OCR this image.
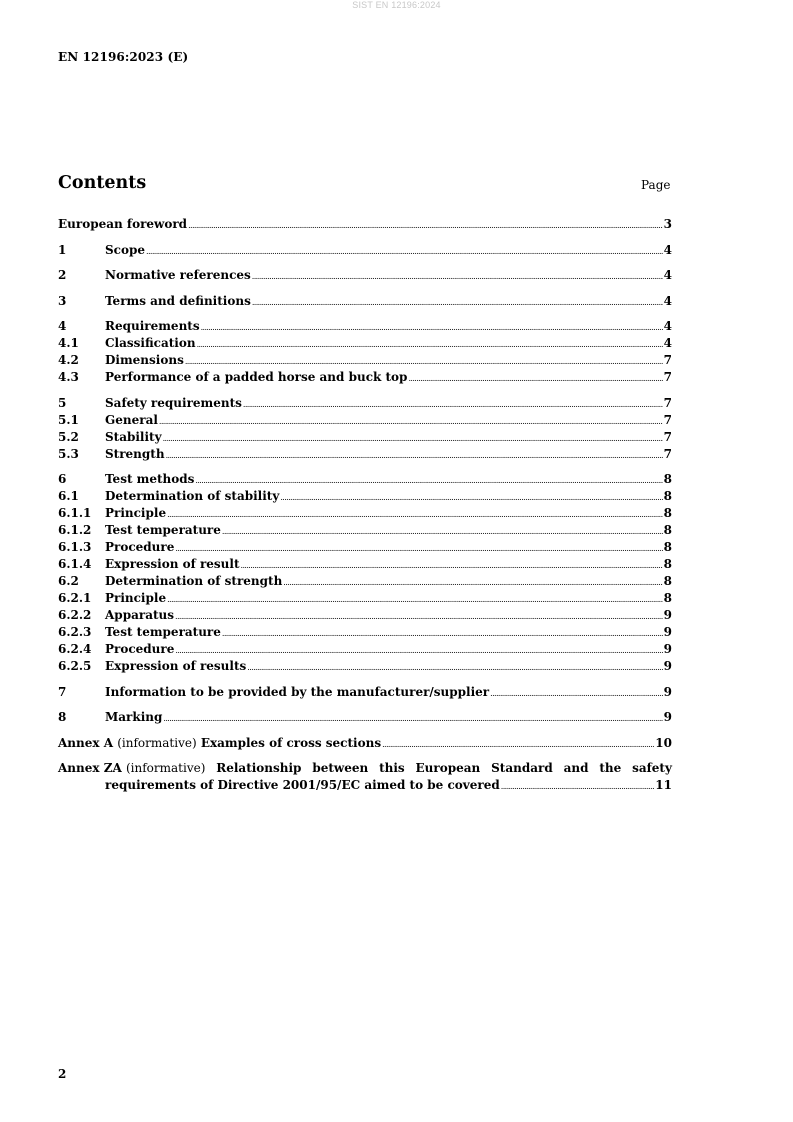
SIST EN 12196:2024
EN 12196:2023 (E)
Contents	Page
European foreword .....	3
1	Scope .....	4
2	Normative references .....	4
3	Terms and definitions .....	4
4	Requirements .....	4
4.1	Classification .....	4
4.2	Dimensions .....	7
4.3	Performance of a padded horse and buck top .....	7
5	Safety requirements .....	7
5.1	General .....	7
5.2	Stability .....	7
5.3	Strength .....	7
6	Test methods .....	8
6.1	Determination of stability .....	8
6.1.1	Principle .....	8
6.1.2	Test temperature .....	8
6.1.3	Procedure .....	8
6.1.4	Expression of result .....	8
6.2	Determination of strength .....	8
6.2.1	Principle .....	8
6.2.2	Apparatus .....	9
6.2.3	Test temperature .....	9
6.2.4	Procedure .....	9
6.2.5	Expression of results .....	9
7	Information to be provided by the manufacturer/supplier .....	9
8	Marking .....	9
Annex A (informative) Examples of cross sections .....	10
Annex ZA (informative) Relationship between this European Standard and the safety
requirements of Directive 2001/95/EC aimed to be covered .....	11
2
